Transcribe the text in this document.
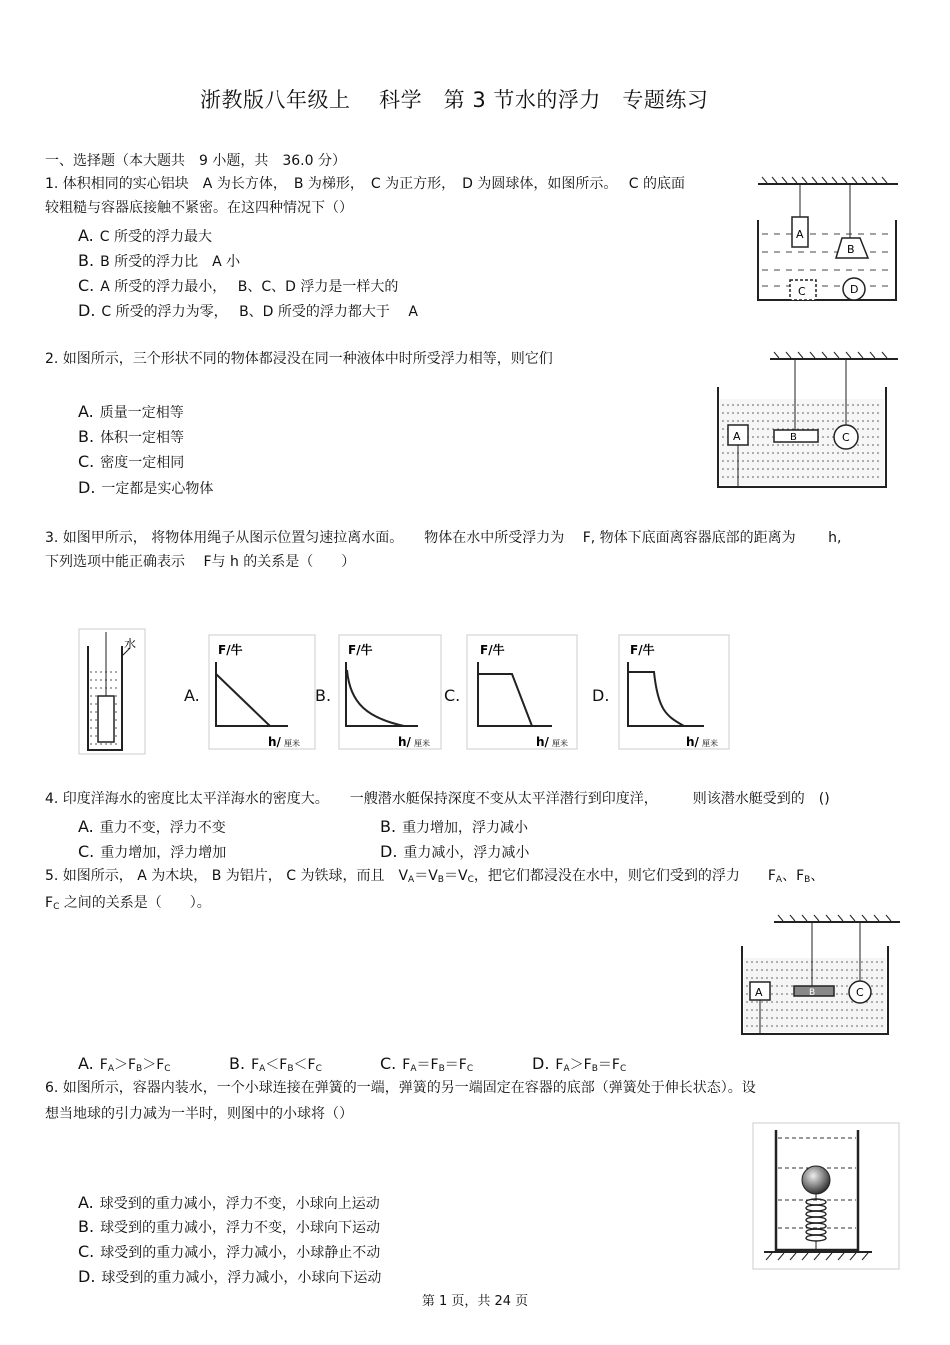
浙教版八年级上　 科学　第 3 节水的浮力　专题练习
一、选择题（本大题共　9 小题，共　36.0 分）
1. 体积相同的实心铝块　A 为长方体，　B 为梯形，　C 为正方形，　D 为圆球体，如图所示。　 C 的底面
较粗糙与容器底接触不紧密。在这四种情况下（）
A. C 所受的浮力最大
B. B 所受的浮力比　A 小
C. A 所受的浮力最小，　 B、C、D 浮力是一样大的
D. C 所受的浮力为零，　 B、D 所受的浮力都大于　 A
A
B
C	D
2. 如图所示，三个形状不同的物体都浸没在同一种液体中时所受浮力相等，则它们
A. 质量一定相等
B. 体积一定相等
C. 密度一定相同
D. 一定都是实心物体
A	B	C
3. 如图甲所示， 将物体用绳子从图示位置匀速拉离水面。　　物体在水中所受浮力为　 F, 物体下底面离容器底部的距离为　　 h,
下列选项中能正确表示　 F与 h 的关系是（　　）
水
A.	B.	C.	D.
F/牛
h/ 厘米
F/牛
h/ 厘米
F/牛
h/ 厘米
F/牛
h/ 厘米
4. 印度洋海水的密度比太平洋海水的密度大。　　一艘潜水艇保持深度不变从太平洋潜行到印度洋，　　　则该潜水艇受到的　()
A. 重力不变，浮力不变	B. 重力增加，浮力减小
C. 重力增加，浮力增加	D. 重力减小，浮力减小
5. 如图所示， A 为木块， B 为铝片， C 为铁球，而且　$V_A=V_B=V_C$，把它们都浸没在水中，则它们受到的浮力　　$F_A$、$F_B$、
$F_C$ 之间的关系是（　　）。
A	B	C
A. $F_A>F_B>F_C$	B. $F_A<F_B<F_C$	C. $F_A=F_B=F_C$	D. $F_A>F_B=F_C$
6. 如图所示，容器内装水，一个小球连接在弹簧的一端，弹簧的另一端固定在容器的底部（弹簧处于伸长状态）。设
想当地球的引力减为一半时，则图中的小球将（）
A. 球受到的重力减小，浮力不变，小球向上运动
B. 球受到的重力减小，浮力不变，小球向下运动
C. 球受到的重力减小，浮力减小，小球静止不动
D. 球受到的重力减小，浮力减小，小球向下运动
第 1 页，共 24 页
